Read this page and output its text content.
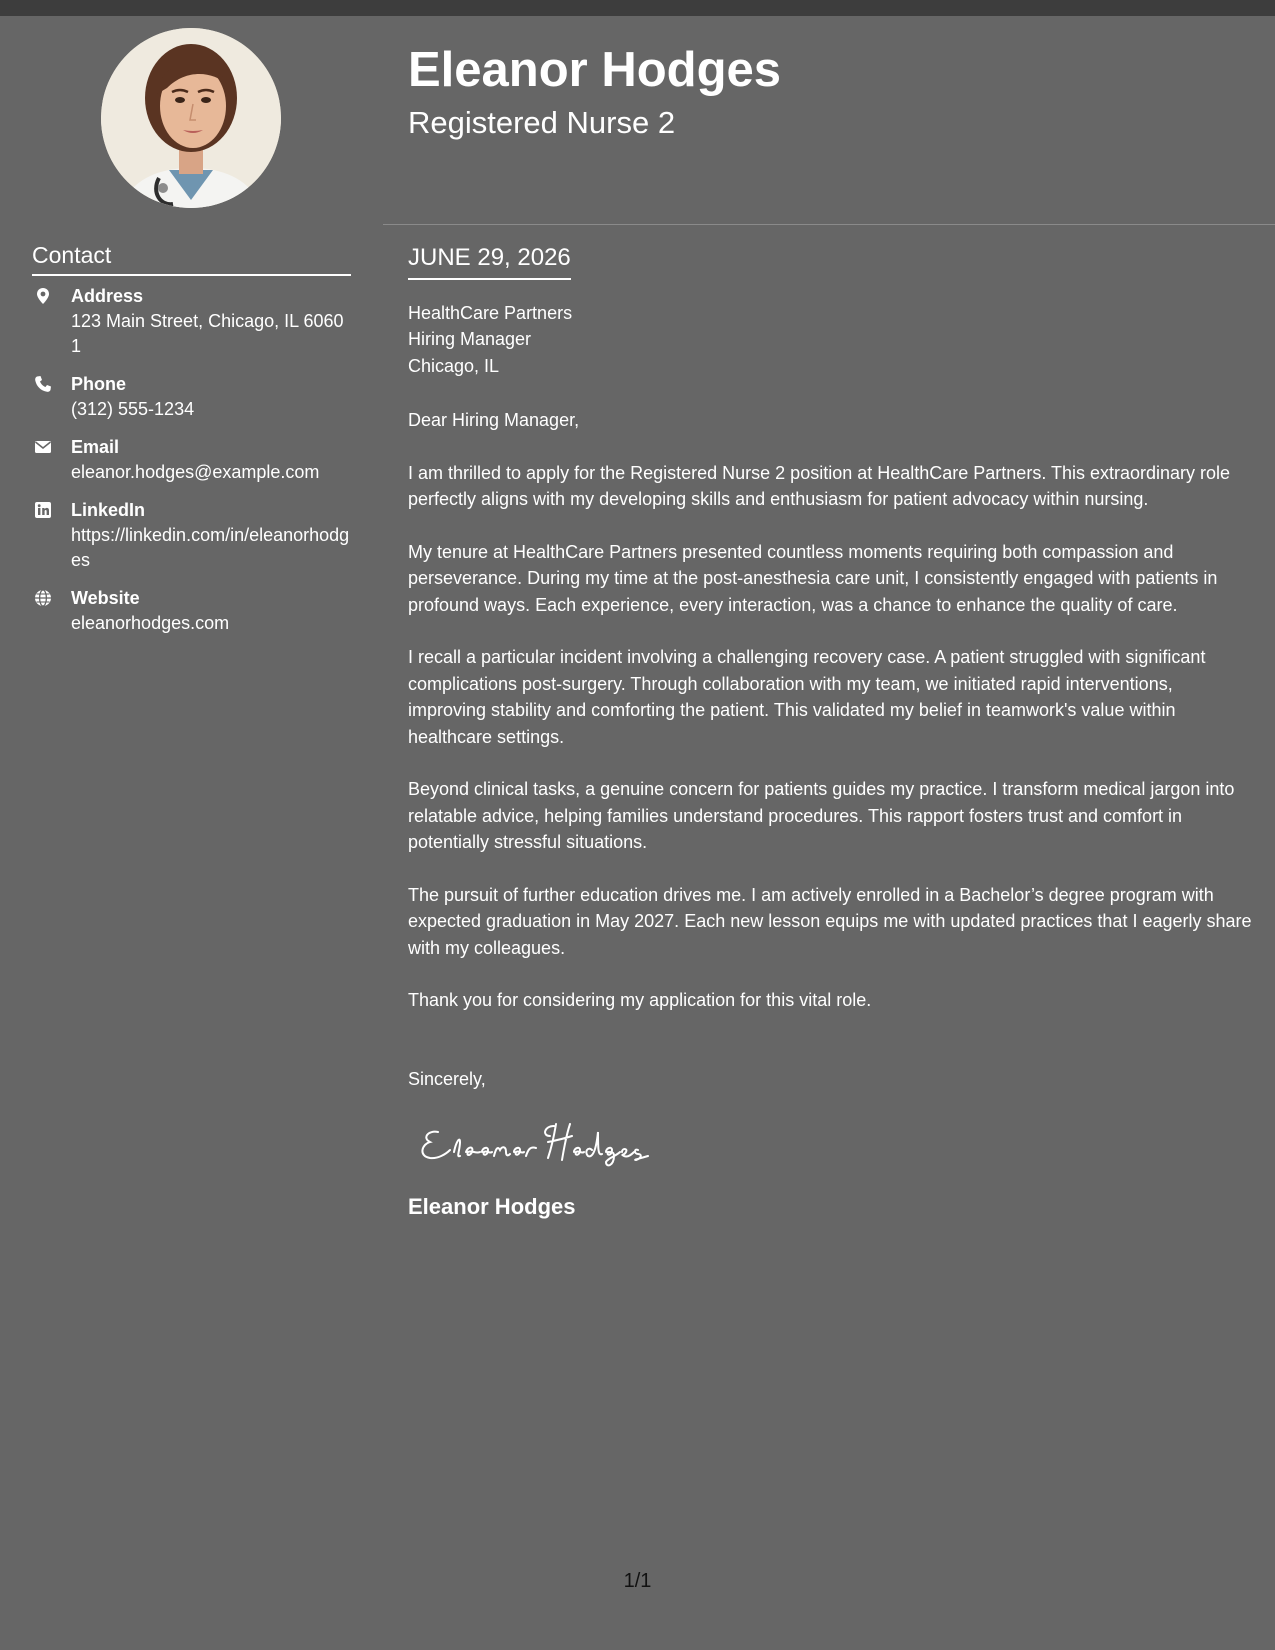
Eleanor Hodges
Registered Nurse 2
Contact
Address
123 Main Street, Chicago, IL 60601
Phone
(312) 555-1234
Email
eleanor.hodges@example.com
LinkedIn
https://linkedin.com/in/eleanorhodges
Website
eleanorhodges.com
JUNE 29, 2026
HealthCare Partners
Hiring Manager
Chicago, IL

Dear Hiring Manager,

I am thrilled to apply for the Registered Nurse 2 position at HealthCare Partners. This extraordinary role perfectly aligns with my developing skills and enthusiasm for patient advocacy within nursing.

My tenure at HealthCare Partners presented countless moments requiring both compassion and perseverance. During my time at the post-anesthesia care unit, I consistently engaged with patients in profound ways. Each experience, every interaction, was a chance to enhance the quality of care.

I recall a particular incident involving a challenging recovery case. A patient struggled with significant complications post-surgery. Through collaboration with my team, we initiated rapid interventions, improving stability and comforting the patient. This validated my belief in teamwork's value within healthcare settings.

Beyond clinical tasks, a genuine concern for patients guides my practice. I transform medical jargon into relatable advice, helping families understand procedures. This rapport fosters trust and comfort in potentially stressful situations.

The pursuit of further education drives me. I am actively enrolled in a Bachelor’s degree program with expected graduation in May 2027. Each new lesson equips me with updated practices that I eagerly share with my colleagues.

Thank you for considering my application for this vital role.

Sincerely,
Eleanor Hodges
1/1
